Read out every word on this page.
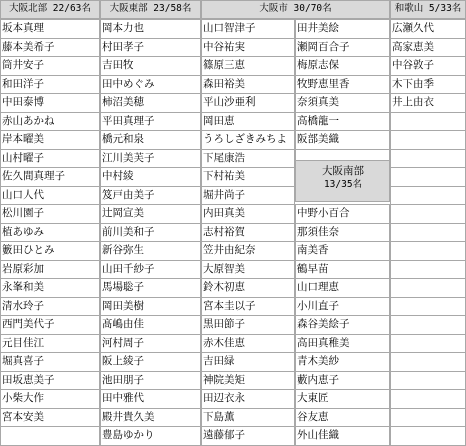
大阪北部 22/63名
坂本真理
藤本美希子
筒井安子
和田洋子
中田泰博
赤山あかね
岸本曜美
山村曜子
佐久間真理子
山口人代
松川園子
植あゆみ
籔田ひとみ
岩原彩加
永峯和美
清水玲子
西門美代子
元目佳江
堀真喜子
田坂恵美子
小柴大作
宮本安美
大阪東部 23/58名
岡本力也
村田孝子
吉田牧
田中めぐみ
柿沼美穂
平田真理子
橋元和泉
江川美芙子
中村綾
笈戸由美子
辻岡宣美
前川美和子
新谷弥生
山田千紗子
馬場聡子
岡田美樹
髙嶋由佳
河村周子
阪上綾子
池田朋子
田中雅代
殿井貴久美
豊島ゆかり
大阪市 30/70名
山口智津子
中谷祐実
篠原三恵
森田裕美
平山沙亜利
岡田恵
うろしざきみちよ
下尾康浩
下村祐美
堀井尚子
内田真美
志村裕賀
笠井由紀奈
大原智美
鈴木初恵
宮本圭以子
黒田節子
赤木佳恵
吉田緑
神院美矩
田辺衣永
下島薫
遠藤郁子
田井美絵
瀬岡百合子
梅原志保
牧野恵里香
奈須真美
高橋龍一
阪部美織
大阪南部
13/35名
中野小百合
那須佳奈
南美香
鶴早苗
山口理恵
小川直子
森谷美絵子
高田真稚美
青木美紗
藪内恵子
大東匠
谷友恵
外山佳織
和歌山 5/33名
広瀬久代
高家恵美
中谷敦子
木下由季
井上由衣
